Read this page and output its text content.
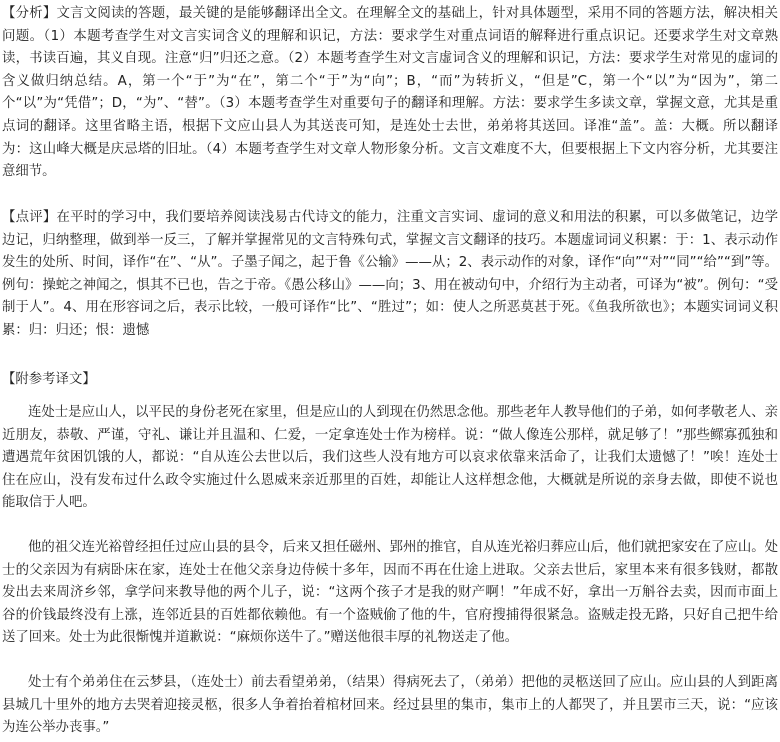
【分析】文言文阅读的答题，最关键的是能够翻译出全文。在理解全文的基础上，针对具体题型，采用不同的答题方法，解决相关问题。（1）本题考查学生对文言实词含义的理解和识记，方法：要求学生对重点词语的解释进行重点识记。还要求学生对文章熟读，书读百遍，其义自现。注意“归”归还之意。（2）本题考查学生对文言虚词含义的理解和识记，方法：要求学生对常见的虚词的含义做归纳总结。A，第一个“于”为“在”，第二个“于”为“向”；B，“而”为转折义，“但是”C，第一个“以”为“因为”，第二个“以”为“凭借”；D，“为”、“替”。（3）本题考查学生对重要句子的翻译和理解。方法：要求学生多读文章，掌握文意，尤其是重点词的翻译。这里省略主语，根据下文应山县人为其送丧可知，是连处士去世，弟弟将其送回。译准“盖”。盖：大概。所以翻译为：这山峰大概是庆忌塔的旧址。（4）本题考查学生对文章人物形象分析。文言文难度不大，但要根据上下文内容分析，尤其要注意细节。
【点评】在平时的学习中，我们要培养阅读浅易古代诗文的能力，注重文言实词、虚词的意义和用法的积累，可以多做笔记，边学边记，归纳整理，做到举一反三，了解并掌握常见的文言特殊句式，掌握文言文翻译的技巧。本题虚词词义积累：于：1、表示动作发生的处所、时间，译作“在”、“从”。子墨子闻之，起于鲁《公输》——从；2、表示动作的对象，译作“向”“对”“同”“给”“到”等。例句：操蛇之神闻之，惧其不已也，告之于帝。《愚公移山》——向；3、用在被动句中，介绍行为主动者，可译为“被”。例句：“受制于人”。4、用在形容词之后，表示比较，一般可译作“比”、“胜过”；如：使人之所恶莫甚于死。《鱼我所欲也》；本题实词词义积累：归：归还；恨：遗憾
【附参考译文】
连处士是应山人，以平民的身份老死在家里，但是应山的人到现在仍然思念他。那些老年人教导他们的子弟，如何孝敬老人、亲近朋友，恭敬、严谨，守礼、谦让并且温和、仁爱，一定拿连处士作为榜样。说：“做人像连公那样，就足够了！”那些鳏寡孤独和遭遇荒年贫困饥饿的人，都说：“自从连公去世以后，我们这些人没有地方可以哀求依靠来活命了，让我们太遗憾了！”唉！连处士住在应山，没有发布过什么政令实施过什么恩威来亲近那里的百姓，却能让人这样想念他，大概就是所说的亲身去做，即使不说也能取信于人吧。
他的祖父连光裕曾经担任过应山县的县令，后来又担任磁州、郢州的推官，自从连光裕归葬应山后，他们就把家安在了应山。处士的父亲因为有病卧床在家，连处士在他父亲身边侍候十多年，因而不再在仕途上进取。父亲去世后，家里本来有很多钱财，都散发出去来周济乡邻，拿学问来教导他的两个儿子，说：“这两个孩子才是我的财产啊！”年成不好，拿出一万斛谷去卖，因而市面上谷的价钱最终没有上涨，连邻近县的百姓都依赖他。有一个盗贼偷了他的牛，官府搜捕得很紧急。盗贼走投无路，只好自己把牛给送了回来。处士为此很惭愧并道歉说：“麻烦你送牛了。”赠送他很丰厚的礼物送走了他。
处士有个弟弟住在云梦县，（连处士）前去看望弟弟，（结果）得病死去了，（弟弟）把他的灵柩送回了应山。应山县的人到距离县城几十里外的地方去哭着迎接灵柩，很多人争着抬着棺材回来。经过县里的集市，集市上的人都哭了，并且罢市三天，说：“应该为连公举办丧事。”
